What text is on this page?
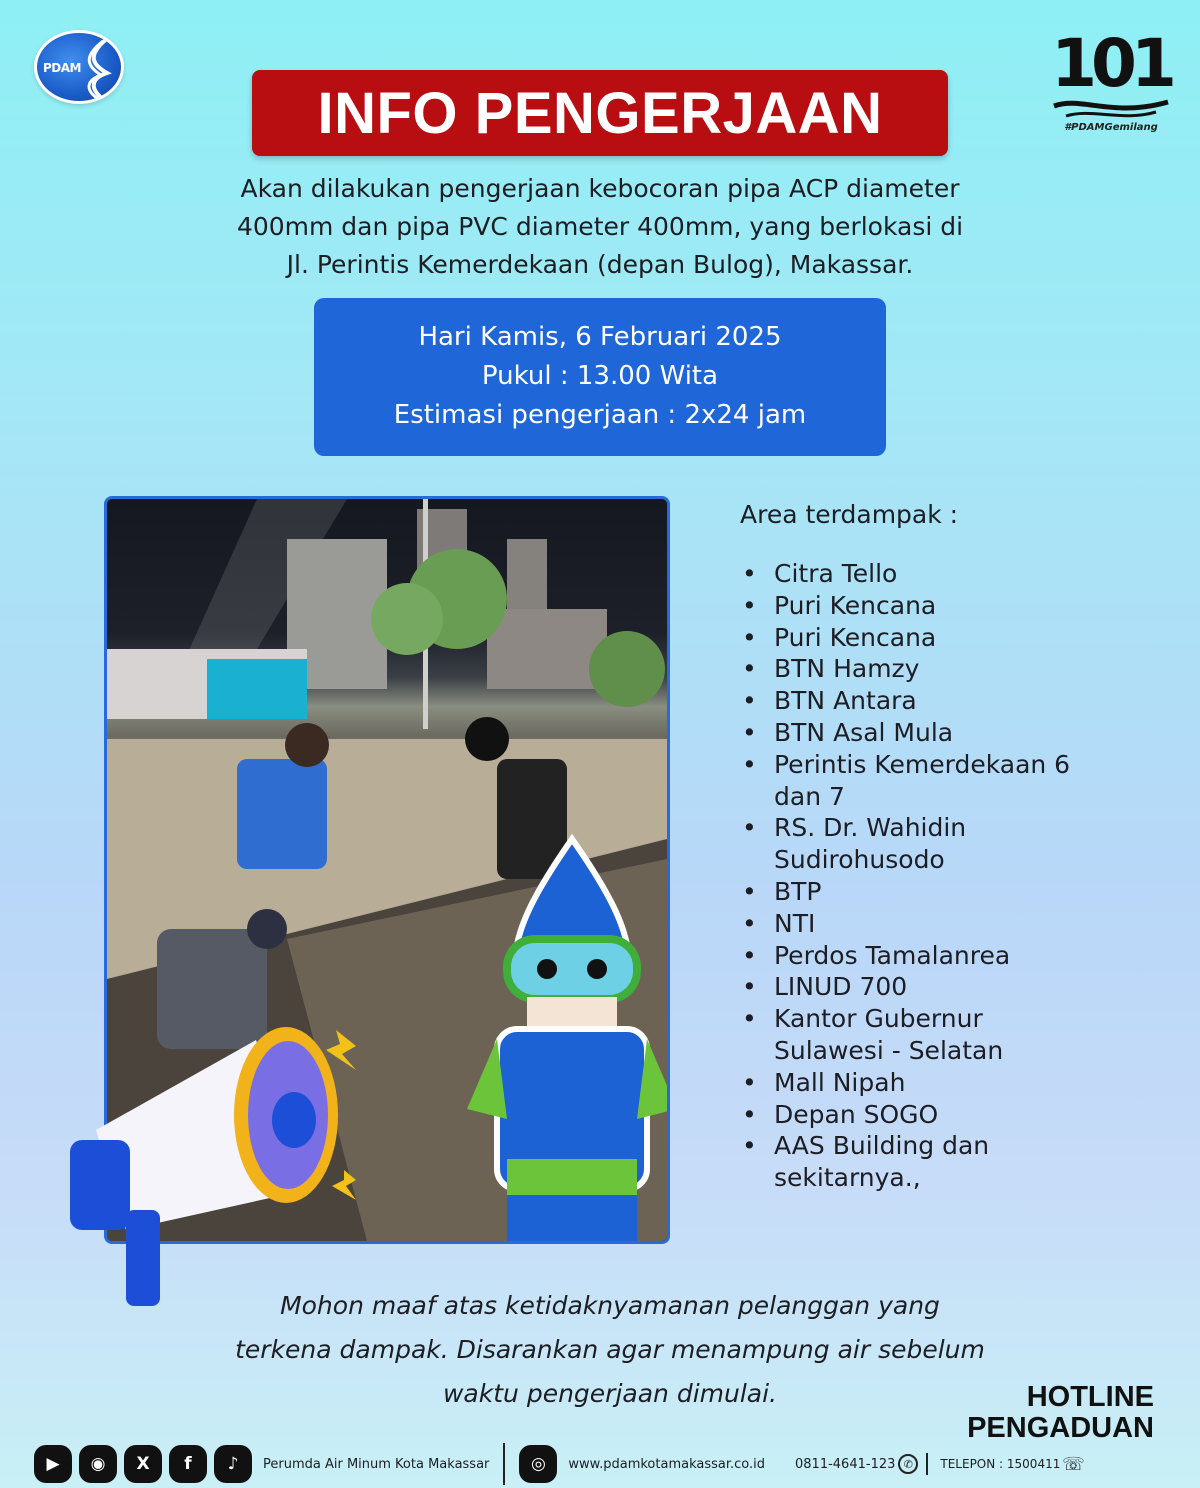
PDAM	101
#PDAMGemilang
INFO PENGERJAAN
Akan dilakukan pengerjaan kebocoran pipa ACP diameter
400mm dan pipa PVC diameter 400mm, yang berlokasi di
Jl. Perintis Kemerdekaan (depan Bulog), Makassar.
Hari Kamis, 6 Februari 2025
Pukul : 13.00 Wita
Estimasi pengerjaan : 2x24 jam
Area terdampak :
• Citra Tello
• Puri Kencana
• Puri Kencana
• BTN Hamzy
• BTN Antara
• BTN Asal Mula
• Perintis Kemerdekaan 6 dan 7
• RS. Dr. Wahidin Sudirohusodo
• BTP
• NTI
• Perdos Tamalanrea
• LINUD 700
• Kantor Gubernur Sulawesi - Selatan
• Mall Nipah
• Depan SOGO
• AAS Building dan sekitarnya.,
Mohon maaf atas ketidaknyamanan pelanggan yang
terkena dampak. Disarankan agar menampung air sebelum
waktu pengerjaan dimulai.	HOTLINE
PENGADUAN
▶	◉	X	f	♪	Perumda Air Minum Kota Makassar	◎	www.pdamkotamakassar.co.id 0811-4641-123 ✆	TELEPON : 1500411 ☏
